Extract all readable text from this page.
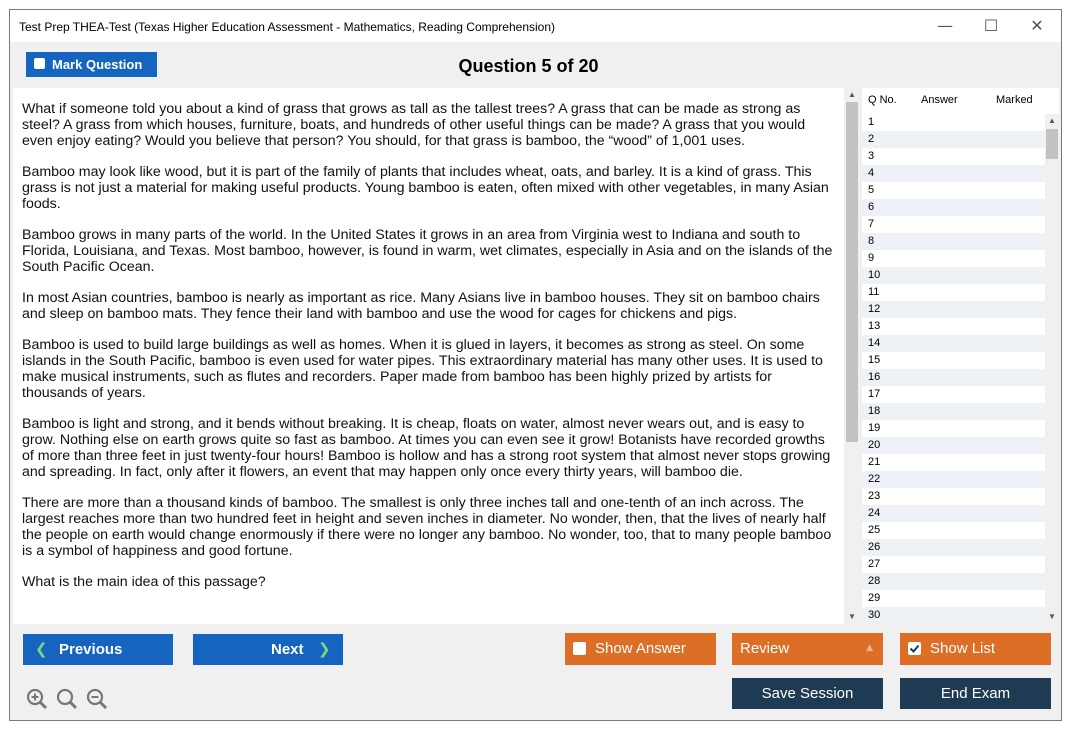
Test Prep THEA-Test (Texas Higher Education Assessment - Mathematics, Reading Comprehension)	—	☐	✕
Mark Question	Question 5 of 20

What if someone told you about a kind of grass that grows as tall as the tallest trees? A grass that can be made as strong as steel? A grass from which houses, furniture, boats, and hundreds of other useful things can be made? A grass that you would even enjoy eating? Would you believe that person? You should, for that grass is bamboo, the “wood” of 1,001 uses.

Bamboo may look like wood, but it is part of the family of plants that includes wheat, oats, and barley. It is a kind of grass. This grass is not just a material for making useful products. Young bamboo is eaten, often mixed with other vegetables, in many Asian foods.

Bamboo grows in many parts of the world. In the United States it grows in an area from Virginia west to Indiana and south to Florida, Louisiana, and Texas. Most bamboo, however, is found in warm, wet climates, especially in Asia and on the islands of the South Pacific Ocean.

In most Asian countries, bamboo is nearly as important as rice. Many Asians live in bamboo houses. They sit on bamboo chairs and sleep on bamboo mats. They fence their land with bamboo and use the wood for cages for chickens and pigs.

Bamboo is used to build large buildings as well as homes. When it is glued in layers, it becomes as strong as steel. On some islands in the South Pacific, bamboo is even used for water pipes. This extraordinary material has many other uses. It is used to make musical instruments, such as flutes and recorders. Paper made from bamboo has been highly prized by artists for thousands of years.

Bamboo is light and strong, and it bends without breaking. It is cheap, floats on water, almost never wears out, and is easy to grow. Nothing else on earth grows quite so fast as bamboo. At times you can even see it grow! Botanists have recorded growths of more than three feet in just twenty-four hours! Bamboo is hollow and has a strong root system that almost never stops growing and spreading. In fact, only after it flowers, an event that may happen only once every thirty years, will bamboo die.

There are more than a thousand kinds of bamboo. The smallest is only three inches tall and one-tenth of an inch across. The largest reaches more than two hundred feet in height and seven inches in diameter. No wonder, then, that the lives of nearly half the people on earth would change enormously if there were no longer any bamboo. No wonder, too, that to many people bamboo is a symbol of happiness and good fortune.

What is the main idea of this passage?

▲
▼
Q No. Answer	Marked
1
2
3
4
5
6
7
8
9
10
11
12
13
14
15
16
17
18
19
20
21
22
23
24
25
26
27
28
29
30
▲
▼
❮ Previous	Next ❯	Show Answer	Review	▲	Show List
Save Session	End Exam
